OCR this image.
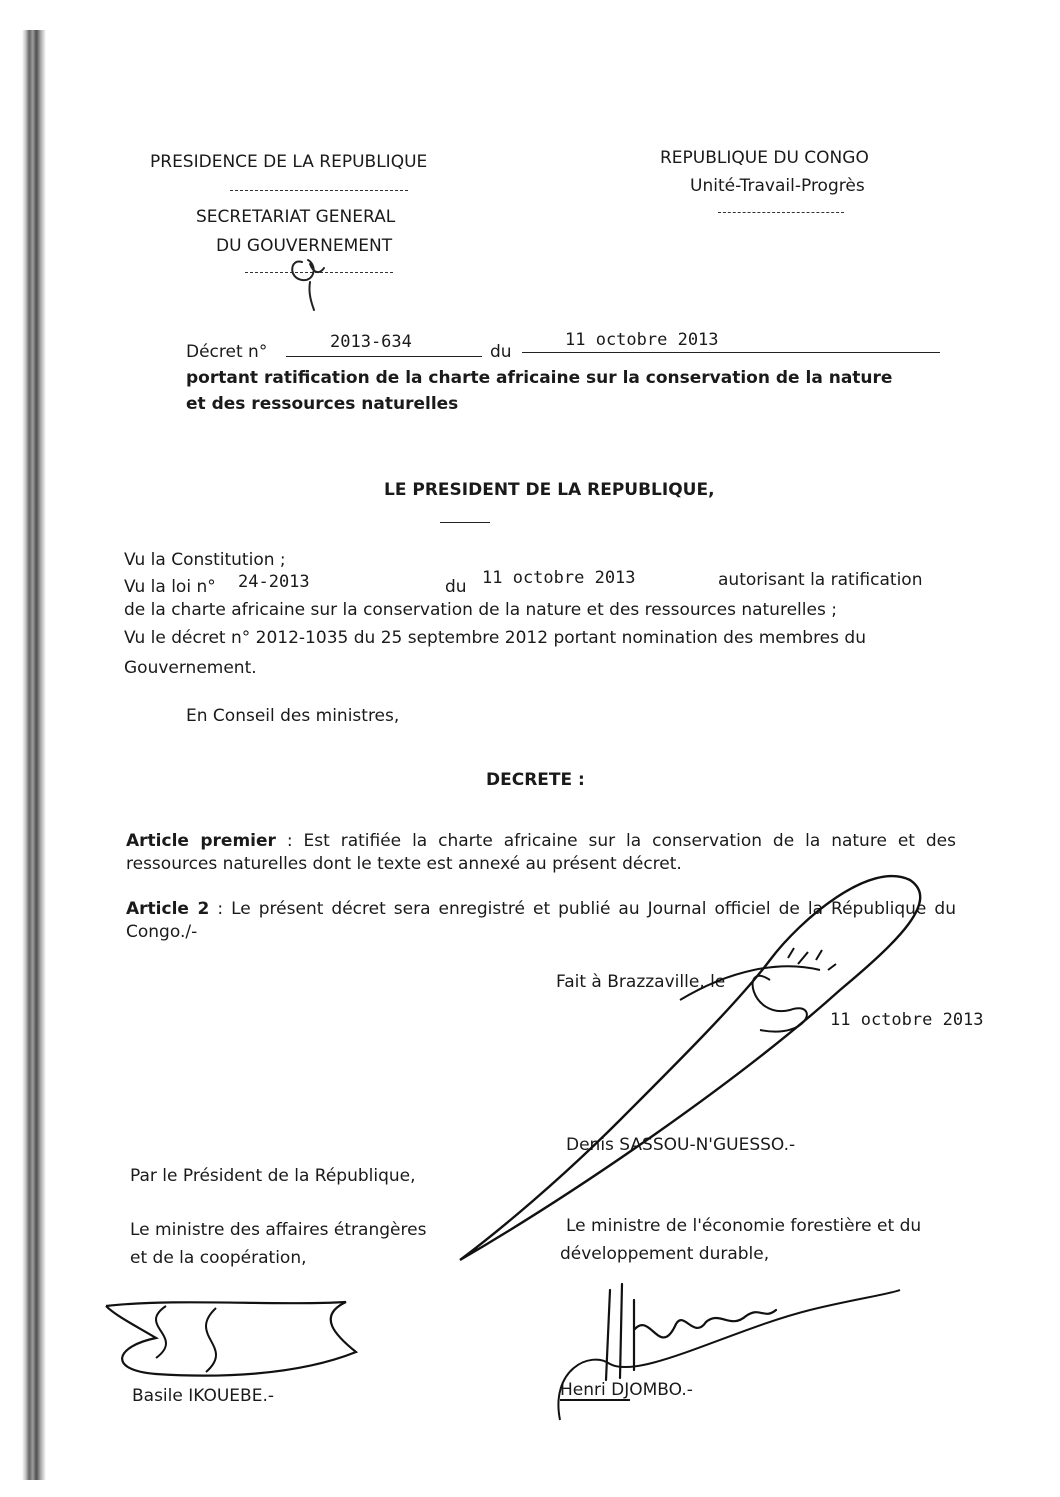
PRESIDENCE DE LA REPUBLIQUE
SECRETARIAT GENERAL
DU GOUVERNEMENT
REPUBLIQUE DU CONGO
Unité-Travail-Progrès
Décret n°	2013-634	du
11 octobre 2013
portant ratification de la charte africaine sur la conservation de la nature
et des ressources naturelles
LE PRESIDENT DE LA REPUBLIQUE,
Vu la Constitution ;
Vu la loi n° 24-2013	du 11 octobre 2013	autorisant la ratification
de la charte africaine sur la conservation de la nature et des ressources naturelles ;
Vu le décret n° 2012-1035 du 25 septembre 2012 portant nomination des membres du
Gouvernement.
En Conseil des ministres,
DECRETE :
Article premier : Est ratifiée la charte africaine sur la conservation de la nature et des ressources naturelles dont le texte est annexé au présent décret.
Article 2 : Le présent décret sera enregistré et publié au Journal officiel de la République du Congo./-
Fait à Brazzaville, le
11 octobre 2013
Denis SASSOU-N'GUESSO.-
Par le Président de la République,
Le ministre des affaires étrangères
et de la coopération,
Le ministre de l'économie forestière et du
développement durable,
Basile IKOUEBE.-	Henri DJOMBO.-
